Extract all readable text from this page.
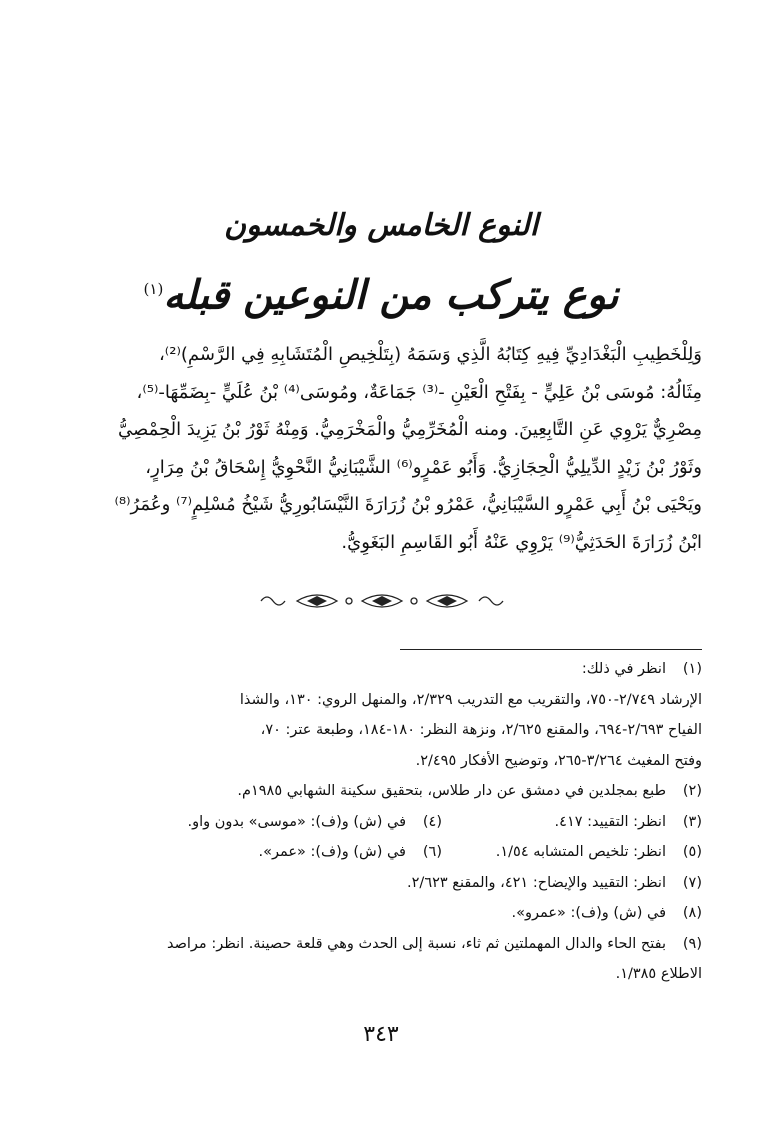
النوع الخامس والخمسون
نوع يتركب من النوعين قبله$^{(١)}$

وَلِلْخَطِيبِ الْبَغْدَادِيِّ فِيهِ كِتَابُهُ الَّذِي وَسَمَهُ (بِتَلْخِيصِ الْمُتَشَابِهِ فِي الرَّسْمِ)⁽²⁾،

مِثَالُهُ: مُوسَى بْنُ عَلِيٍّ - بِفَتْحِ الْعَيْنِ -⁽³⁾ جَمَاعَةٌ، ومُوسَى⁽⁴⁾ بْنُ عُلَيٍّ -بِضَمِّهَا-⁽⁵⁾،

مِصْرِيٌّ يَرْوِي عَنِ التَّابِعِينَ. ومنه الْمُخَرِّمِيُّ والْمَخْرَمِيُّ. وَمِنْهُ ثَوْرُ بْنُ يَزِيدَ الْحِمْصِيُّ

وثَوْرُ بْنُ زَيْدٍ الدِّيلِيُّ الْحِجَازِيُّ. وَأَبُو عَمْرٍو⁽⁶⁾ الشَّيْبَانِيُّ النَّحْوِيُّ إِسْحَاقُ بْنُ مِرَارٍ،

ويَحْيَى بْنُ أَبِي عَمْرٍو السَّيْبَانِيُّ، عَمْرُو بْنُ زُرَارَةَ النَّيْسَابُورِيُّ شَيْخُ مُسْلِمٍ⁽⁷⁾ وعُمَرُ⁽⁸⁾

ابْنُ زُرَارَةَ الحَدَثِيُّ⁽⁹⁾ يَرْوِي عَنْهُ أَبُو القَاسِمِ البَغَوِيُّ.

(١)
انظر في ذلك:
الإرشاد ٢/٧٤٩-٧٥٠، والتقريب مع التدريب ٢/٣٢٩، والمنهل الروي: ١٣٠، والشذا
الفياح ٢/٦٩٣-٦٩٤، والمقنع ٢/٦٢٥، ونزهة النظر: ١٨٠-١٨٤، وطبعة عتر: ٧٠،
وفتح المغيث ٣/٢٦٤-٢٦٥، وتوضيح الأفكار ٢/٤٩٥.
(٢)
طبع بمجلدين في دمشق عن دار طلاس، بتحقيق سكينة الشهابي ١٩٨٥م.
(٣)
انظر: التقييد: ٤١٧.
(٤)
في (ش) و(ف): «موسى» بدون واو.
(٥)
انظر: تلخيص المتشابه ١/٥٤.
(٦)
في (ش) و(ف): «عمر».
(٧)
انظر: التقييد والإيضاح: ٤٢١، والمقنع ٢/٦٢٣.
(٨)
في (ش) و(ف): «عمرو».
(٩)
بفتح الحاء والدال المهملتين ثم ثاء، نسبة إلى الحدث وهي قلعة حصينة. انظر: مراصد
الاطلاع ١/٣٨٥.
٣٤٣
